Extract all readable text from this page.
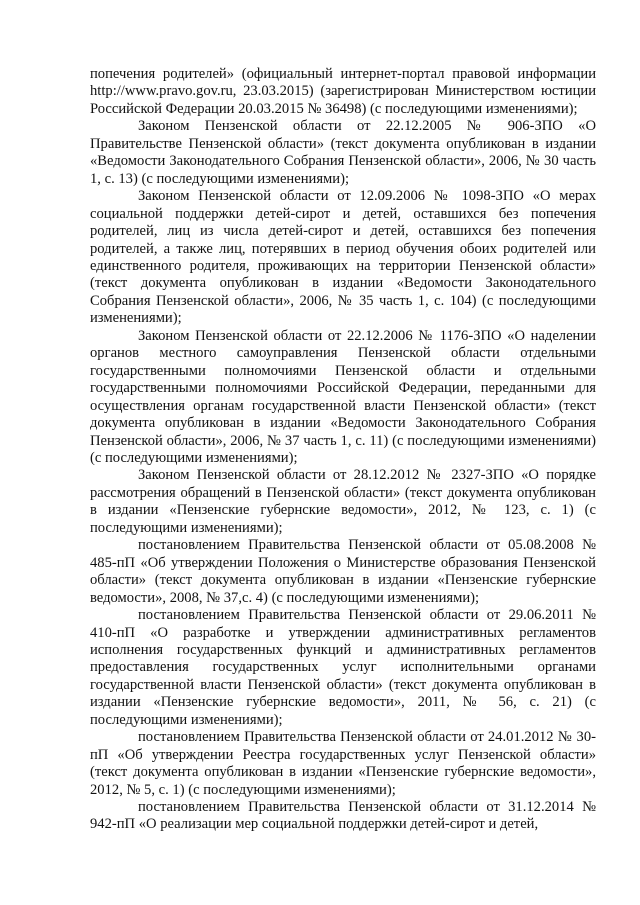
попечения родителей» (официальный интернет-портал правовой информации http://www.pravo.gov.ru, 23.03.2015) (зарегистрирован Министерством юстиции Российской Федерации 20.03.2015 № 36498) (с последующими изменениями);

Законом Пензенской области от 22.12.2005 № 906-ЗПО «О Правительстве Пензенской области» (текст документа опубликован в издании «Ведомости Законодательного Собрания Пензенской области», 2006, № 30 часть 1, с. 13) (с последующими изменениями);

Законом Пензенской области от 12.09.2006 № 1098-ЗПО «О мерах социальной поддержки детей-сирот и детей, оставшихся без попечения родителей, лиц из числа детей-сирот и детей, оставшихся без попечения родителей, а также лиц, потерявших в период обучения обоих родителей или единственного родителя, проживающих на территории Пензенской области» (текст документа опубликован в издании «Ведомости Законодательного Собрания Пензенской области», 2006, № 35 часть 1, с. 104) (с последующими изменениями);

Законом Пензенской области от 22.12.2006 № 1176-ЗПО «О наделении органов местного самоуправления Пензенской области отдельными государственными полномочиями Пензенской области и отдельными государственными полномочиями Российской Федерации, переданными для осуществления органам государственной власти Пензенской области» (текст документа опубликован в издании «Ведомости Законодательного Собрания Пензенской области», 2006, № 37 часть 1, с. 11) (с последующими изменениями) (с последующими изменениями);

Законом Пензенской области от 28.12.2012 № 2327-ЗПО «О порядке рассмотрения обращений в Пензенской области» (текст документа опубликован в издании «Пензенские губернские ведомости», 2012, № 123, с. 1) (с последующими изменениями);

постановлением Правительства Пензенской области от 05.08.2008 № 485-пП «Об утверждении Положения о Министерстве образования Пензенской области» (текст документа опубликован в издании «Пензенские губернские ведомости», 2008, № 37,с. 4) (с последующими изменениями);

постановлением Правительства Пензенской области от 29.06.2011 № 410-пП «О разработке и утверждении административных регламентов исполнения государственных функций и административных регламентов предоставления государственных услуг исполнительными органами государственной власти Пензенской области» (текст документа опубликован в издании «Пензенские губернские ведомости», 2011, № 56, с. 21) (с последующими изменениями);

постановлением Правительства Пензенской области от 24.01.2012 № 30-пП «Об утверждении Реестра государственных услуг Пензенской области» (текст документа опубликован в издании «Пензенские губернские ведомости», 2012, № 5, с. 1) (с последующими изменениями);

постановлением Правительства Пензенской области от 31.12.2014 № 942-пП «О реализации мер социальной поддержки детей-сирот и детей,
